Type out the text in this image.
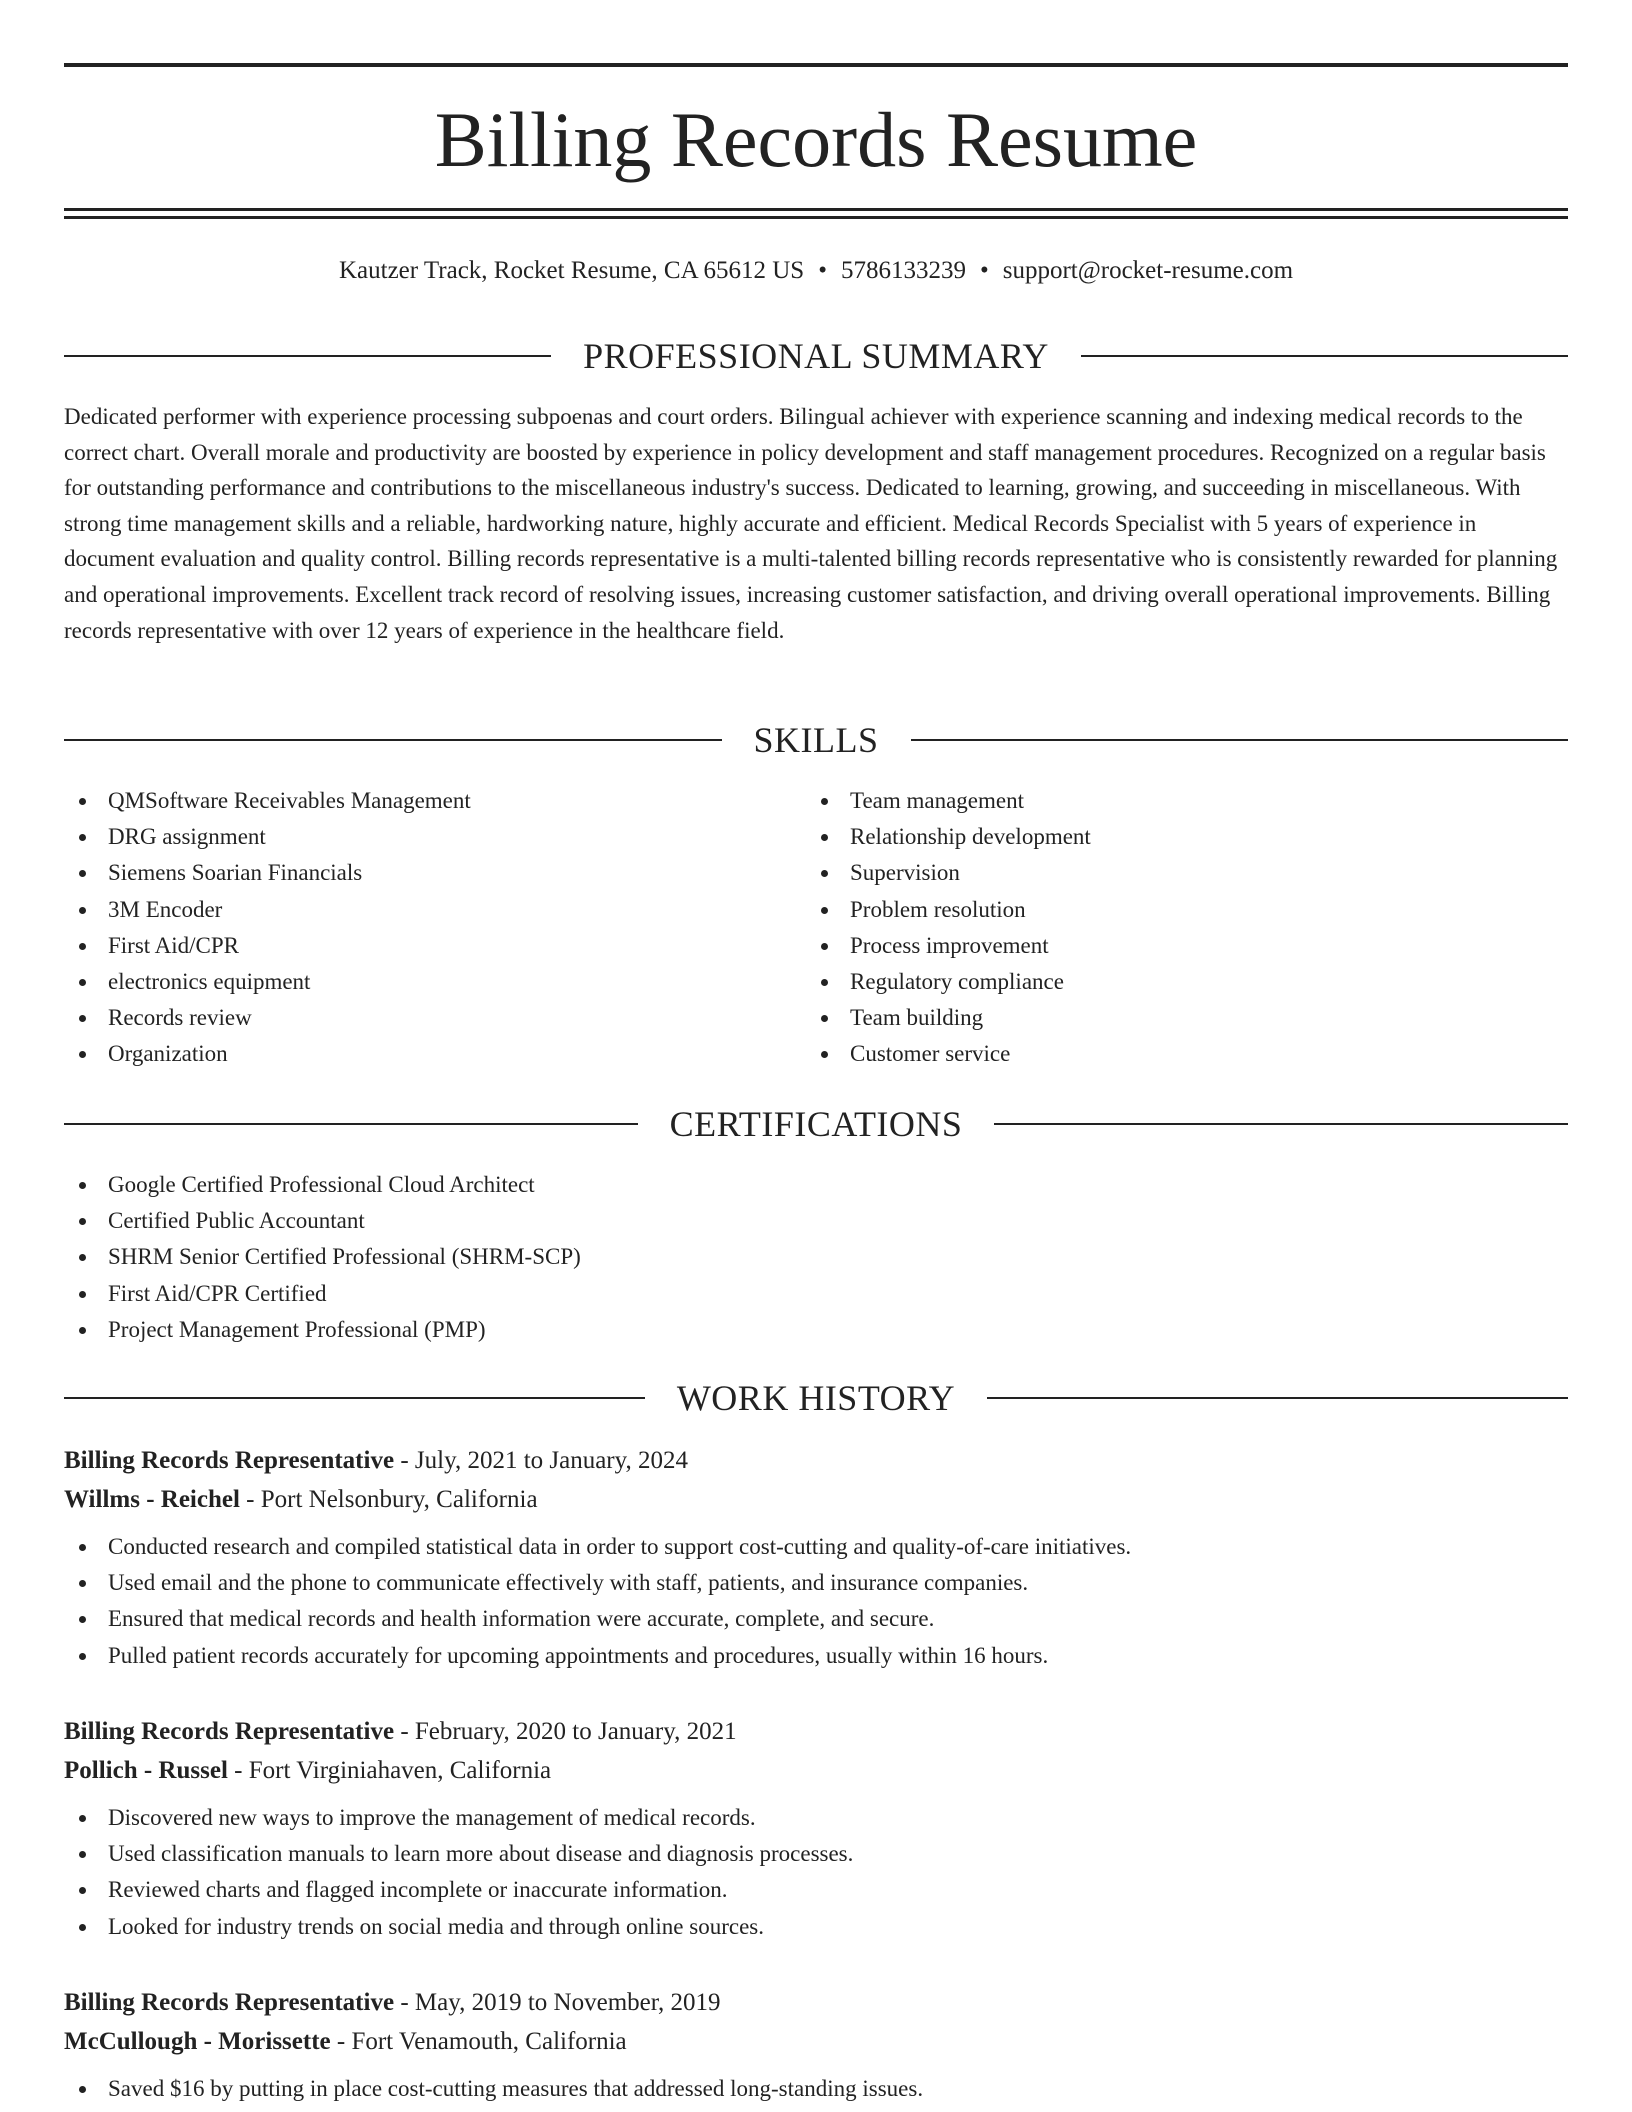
Billing Records Resume
Kautzer Track, Rocket Resume, CA 65612 US • 5786133239 • support@rocket-resume.com
PROFESSIONAL SUMMARY

Dedicated performer with experience processing subpoenas and court orders. Bilingual achiever with experience scanning and indexing medical records to the correct chart. Overall morale and productivity are boosted by experience in policy development and staff management procedures. Recognized on a regular basis for outstanding performance and contributions to the miscellaneous industry's success. Dedicated to learning, growing, and succeeding in miscellaneous. With strong time management skills and a reliable, hardworking nature, highly accurate and efficient. Medical Records Specialist with 5 years of experience in document evaluation and quality control. Billing records representative is a multi-talented billing records representative who is consistently rewarded for planning and operational improvements. Excellent track record of resolving issues, increasing customer satisfaction, and driving overall operational improvements. Billing records representative with over 12 years of experience in the healthcare field.

SKILLS
QMSoftware Receivables Management
DRG assignment
Siemens Soarian Financials
3M Encoder
First Aid/CPR
electronics equipment
Records review
Organization
Team management
Relationship development
Supervision
Problem resolution
Process improvement
Regulatory compliance
Team building
Customer service
CERTIFICATIONS
Google Certified Professional Cloud Architect
Certified Public Accountant
SHRM Senior Certified Professional (SHRM-SCP)
First Aid/CPR Certified
Project Management Professional (PMP)
WORK HISTORY
Billing Records Representative - July, 2021 to January, 2024
Willms - Reichel - Port Nelsonbury, California
Conducted research and compiled statistical data in order to support cost-cutting and quality-of-care initiatives.
Used email and the phone to communicate effectively with staff, patients, and insurance companies.
Ensured that medical records and health information were accurate, complete, and secure.
Pulled patient records accurately for upcoming appointments and procedures, usually within 16 hours.
Billing Records Representative - February, 2020 to January, 2021
Pollich - Russel - Fort Virginiahaven, California
Discovered new ways to improve the management of medical records.
Used classification manuals to learn more about disease and diagnosis processes.
Reviewed charts and flagged incomplete or inaccurate information.
Looked for industry trends on social media and through online sources.
Billing Records Representative - May, 2019 to November, 2019
McCullough - Morissette - Fort Venamouth, California
Saved $16 by putting in place cost-cutting measures that addressed long-standing issues.
